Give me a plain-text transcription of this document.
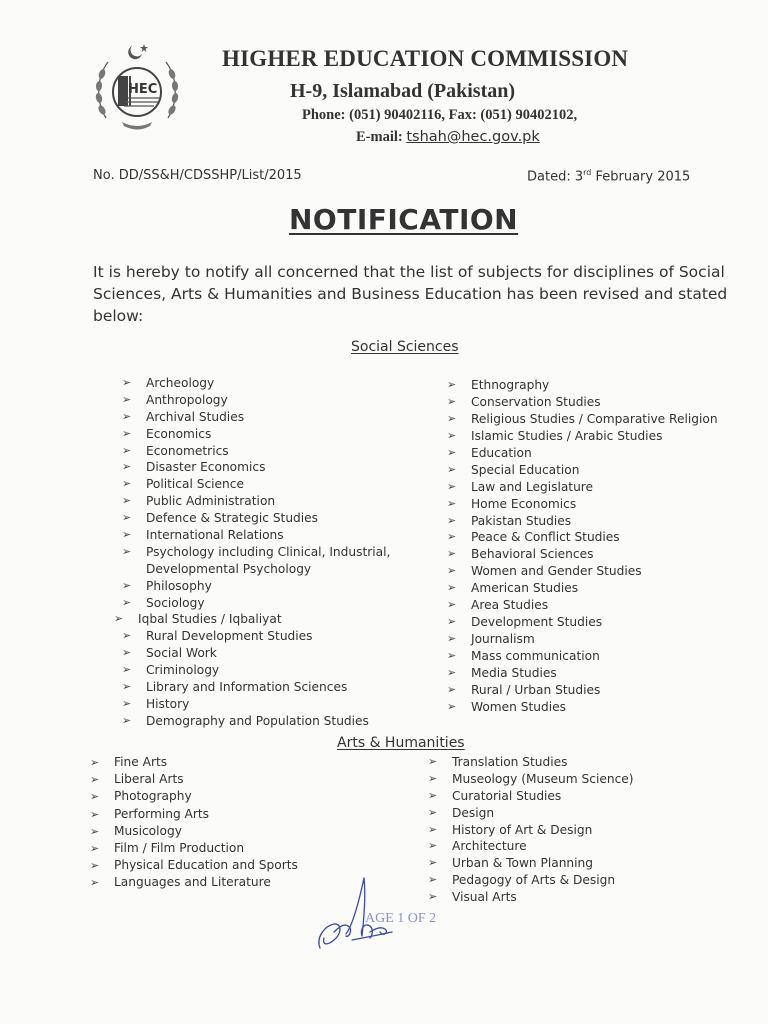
HEC
HIGHER EDUCATION COMMISSION
H-9, Islamabad (Pakistan)
Phone: (051) 90402116, Fax: (051) 90402102,
E-mail: tshah@hec.gov.pk
No. DD/SS&H/CDSSHP/List/2015	Dated: 3rd February 2015
NOTIFICATION
It is hereby to notify all concerned that the list of subjects for disciplines of Social Sciences, Arts & Humanities and Business Education has been revised and stated below:
Social Sciences
➢ Archeology
➢ Anthropology
➢ Archival Studies
➢ Economics
➢ Econometrics
➢ Disaster Economics
➢ Political Science
➢ Public Administration
➢ Defence & Strategic Studies
➢ International Relations
➢ Psychology including Clinical, Industrial,
Developmental Psychology
➢ Philosophy
➢ Sociology
➢ Iqbal Studies / Iqbaliyat
➢ Rural Development Studies
➢ Social Work
➢ Criminology
➢ Library and Information Sciences
➢ History
➢ Demography and Population Studies
➢ Ethnography
➢ Conservation Studies
➢ Religious Studies / Comparative Religion
➢ Islamic Studies / Arabic Studies
➢ Education
➢ Special Education
➢ Law and Legislature
➢ Home Economics
➢ Pakistan Studies
➢ Peace & Conflict Studies
➢ Behavioral Sciences
➢ Women and Gender Studies
➢ American Studies
➢ Area Studies
➢ Development Studies
➢ Journalism
➢ Mass communication
➢ Media Studies
➢ Rural / Urban Studies
➢ Women Studies
Arts & Humanities
➢ Fine Arts
➢ Liberal Arts
➢ Photography
➢ Performing Arts
➢ Musicology
➢ Film / Film Production
➢ Physical Education and Sports
➢ Languages and Literature
➢ Translation Studies
➢ Museology (Museum Science)
➢ Curatorial Studies
➢ Design
➢ History of Art & Design
➢ Architecture
➢ Urban & Town Planning
➢ Pedagogy of Arts & Design
➢ Visual Arts
AGE 1 OF 2
